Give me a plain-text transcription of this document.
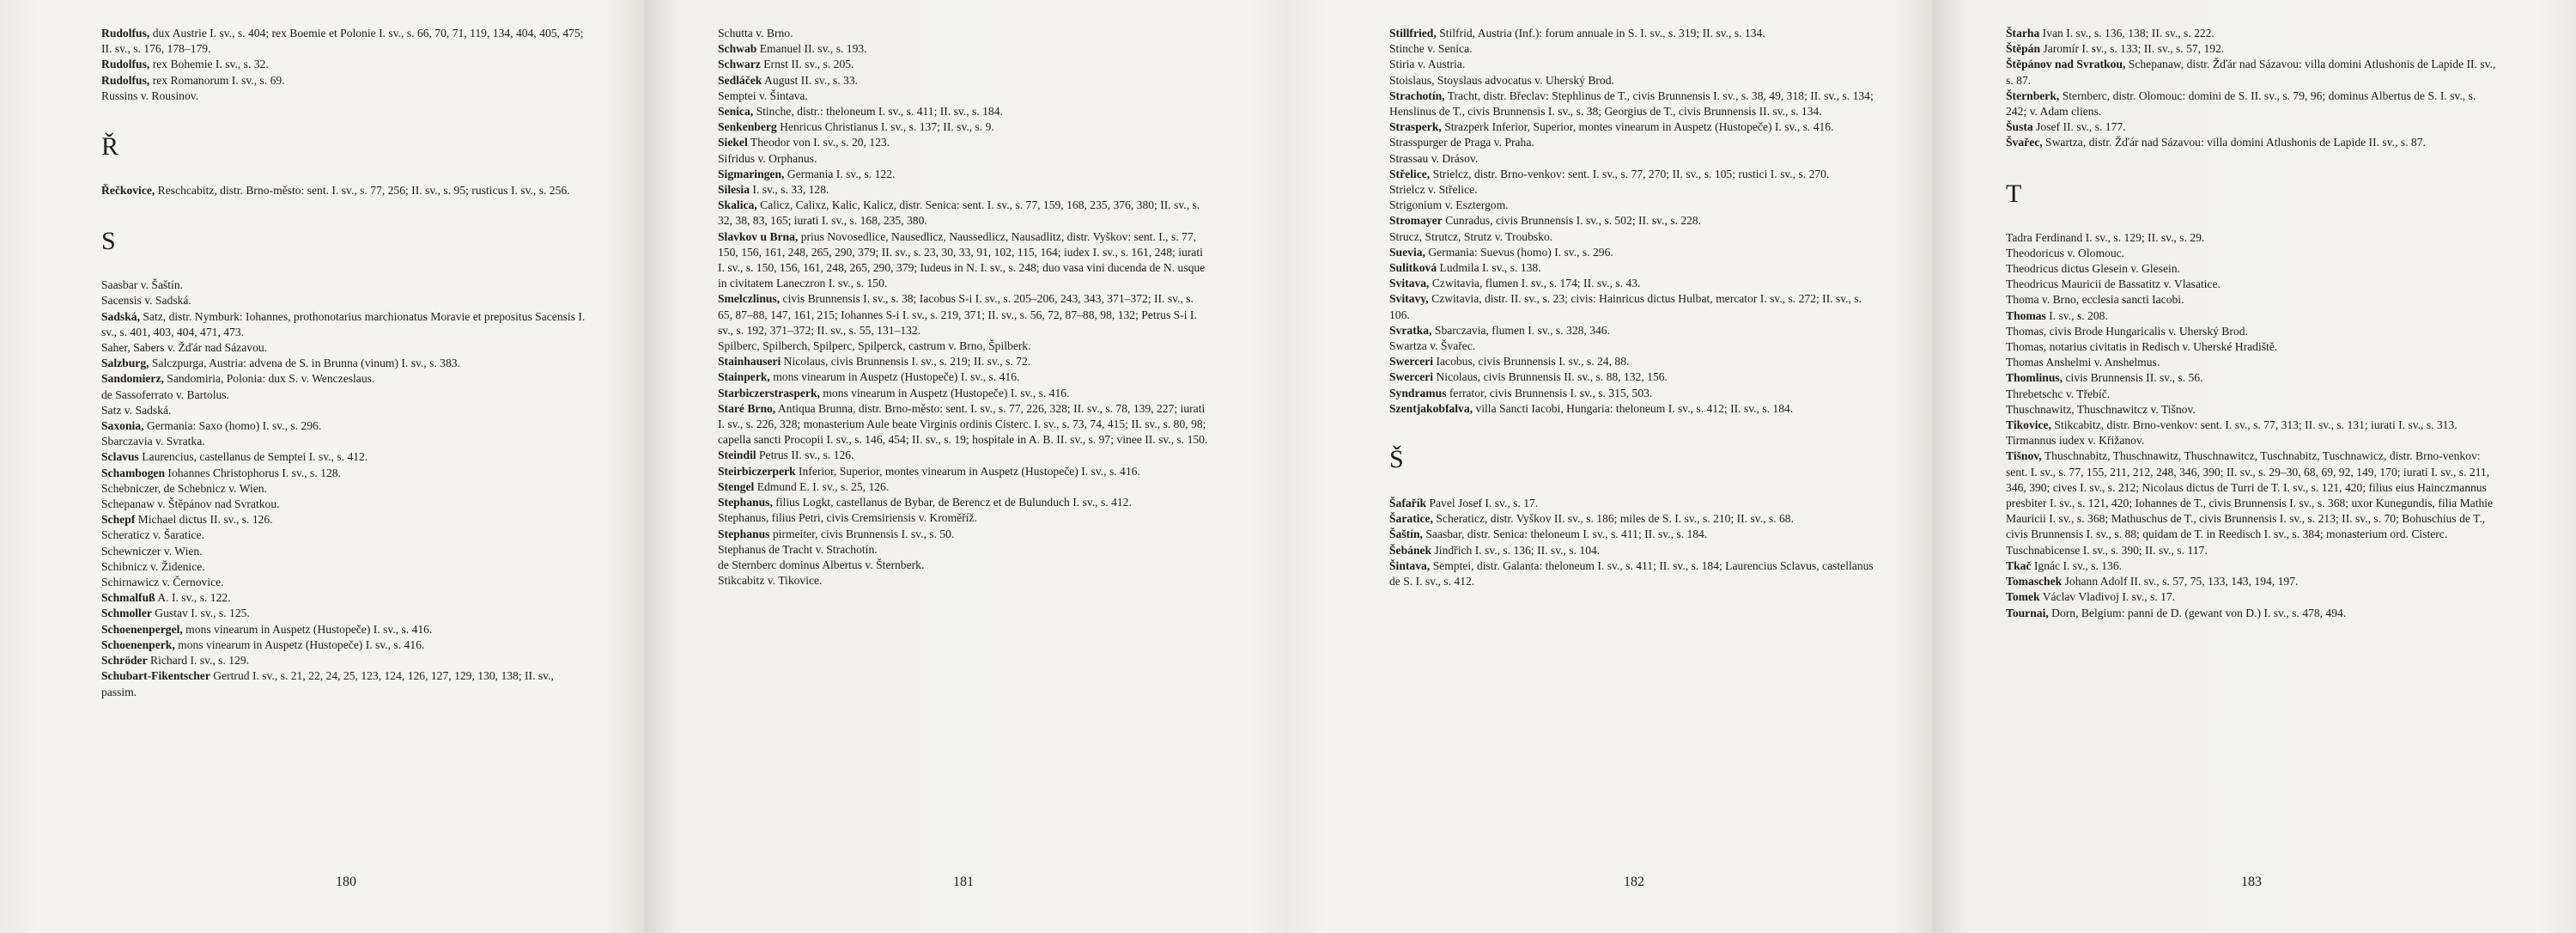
Rudolfus, dux Austrie I. sv., s. 404; rex Boemie et Polonie I. sv., s. 66, 70, 71, 119, 134, 404, 405, 475; II. sv., s. 176, 178–179.

Rudolfus, rex Bohemie I. sv., s. 32.

Rudolfus, rex Romanorum I. sv., s. 69.

Russins v. Rousinov.

Ř

Řečkovice, Reschcabitz, distr. Brno-město: sent. I. sv., s. 77, 256; II. sv., s. 95; rusticus I. sv., s. 256.

S

Saasbar v. Šaštín.

Sacensis v. Sadská.

Sadská, Satz, distr. Nymburk: Iohannes, prothonotarius marchionatus Moravie et prepositus Sacensis I. sv., s. 401, 403, 404, 471, 473.

Saher, Sabers v. Žďár nad Sázavou.

Salzburg, Salczpurga, Austria: advena de S. in Brunna (vinum) I. sv., s. 383.

Sandomierz, Sandomiria, Polonia: dux S. v. Wenczeslaus.

de Sassoferrato v. Bartolus.

Satz v. Sadská.

Saxonia, Germania: Saxo (homo) I. sv., s. 296.

Sbarczavia v. Svratka.

Sclavus Laurencius, castellanus de Semptei I. sv., s. 412.

Schambogen Iohannes Christophorus I. sv., s. 128.

Schebniczer, de Schebnicz v. Wien.

Schepanaw v. Štěpánov nad Svratkou.

Schepf Michael dictus II. sv., s. 126.

Scheraticz v. Šaratice.

Schewniczer v. Wien.

Schibnicz v. Židenice.

Schirnawicz v. Černovice.

Schmalfuß A. I. sv., s. 122.

Schmoller Gustav I. sv., s. 125.

Schoenenpergel, mons vinearum in Auspetz (Hustopeče) I. sv., s. 416.

Schoenenperk, mons vinearum in Auspetz (Hustopeče) I. sv., s. 416.

Schröder Richard I. sv., s. 129.

Schubart-Fikentscher Gertrud I. sv., s. 21, 22, 24, 25, 123, 124, 126, 127, 129, 130, 138; II. sv., passim.

180

Schutta v. Brno.

Schwab Emanuel II. sv., s. 193.

Schwarz Ernst II. sv., s. 205.

Sedláček August II. sv., s. 33.

Semptei v. Šintava.

Senica, Stinche, distr.: theloneum I. sv., s. 411; II. sv., s. 184.

Senkenberg Henricus Christianus I. sv., s. 137; II. sv., s. 9.

Siekel Theodor von I. sv., s. 20, 123.

Sifridus v. Orphanus.

Sigmaringen, Germania I. sv., s. 122.

Silesia I. sv., s. 33, 128.

Skalica, Calicz, Calixz, Kalic, Kalicz, distr. Senica: sent. I. sv., s. 77, 159, 168, 235, 376, 380; II. sv., s. 32, 38, 83, 165; iurati I. sv., s. 168, 235, 380.

Slavkov u Brna, prius Novosedlice, Nausedlicz, Naussedlicz, Nausadlitz, distr. Vyškov: sent. I., s. 77, 150, 156, 161, 248, 265, 290, 379; II. sv., s. 23, 30, 33, 91, 102, 115, 164; iudex I. sv., s. 161, 248; iurati I. sv., s. 150, 156, 161, 248, 265, 290, 379; Iudeus in N. I. sv., s. 248; duo vasa vini ducenda de N. usque in civitatem Laneczron I. sv., s. 150.

Smelczlinus, civis Brunnensis I. sv., s. 38; Iacobus S-i I. sv., s. 205–206, 243, 343, 371–372; II. sv., s. 65, 87–88, 147, 161, 215; Iohannes S-i I. sv., s. 219, 371; II. sv., s. 56, 72, 87–88, 98, 132; Petrus S-i I. sv., s. 192, 371–372; II. sv., s. 55, 131–132.

Spilberc, Spilberch, Spilperc, Spilperck, castrum v. Brno, Špilberk.

Stainhauseri Nicolaus, civis Brunnensis I. sv., s. 219; II. sv., s. 72.

Stainperk, mons vinearum in Auspetz (Hustopeče) I. sv., s. 416.

Starbiczerstrasperk, mons vinearum in Auspetz (Hustopeče) I. sv., s. 416.

Staré Brno, Antiqua Brunna, distr. Brno-město: sent. I. sv., s. 77, 226, 328; II. sv., s. 78, 139, 227; iurati I. sv., s. 226, 328; monasterium Aule beate Virginis ordinis Cisterc. I. sv., s. 73, 74, 415; II. sv., s. 80, 98; capella sancti Procopii I. sv., s. 146, 454; II. sv., s. 19; hospitale in A. B. II. sv., s. 97; vinee II. sv., s. 150.

Steindil Petrus II. sv., s. 126.

Steirbiczerperk Inferior, Superior, montes vinearum in Auspetz (Hustopeče) I. sv., s. 416.

Stengel Edmund E. I. sv., s. 25, 126.

Stephanus, filius Logkt, castellanus de Bybar, de Berencz et de Bulunduch I. sv., s. 412.

Stephanus, filius Petri, civis Cremsiriensis v. Kroměříž.

Stephanus pirmeiter, civis Brunnensis I. sv., s. 50.

Stephanus de Tracht v. Strachotín.

de Sternberc dominus Albertus v. Šternberk.

Stikcabitz v. Tikovice.

181

Stillfried, Stilfrid, Austria (Inf.): forum annuale in S. I. sv., s. 319; II. sv., s. 134.

Stinche v. Senica.

Stiria v. Austria.

Stoislaus, Stoyslaus advocatus v. Uherský Brod.

Strachotín, Tracht, distr. Břeclav: Stephlinus de T., civis Brunnensis I. sv., s. 38, 49, 318; II. sv., s. 134; Henslinus de T., civis Brunnensis I. sv., s. 38; Georgius de T., civis Brunnensis II. sv., s. 134.

Strasperk, Strazperk Inferior, Superior, montes vinearum in Auspetz (Hustopeče) I. sv., s. 416.

Strasspurger de Praga v. Praha.

Strassau v. Drásov.

Střelice, Strielcz, distr. Brno-venkov: sent. I. sv., s. 77, 270; II. sv., s. 105; rustici I. sv., s. 270.

Strielcz v. Střelice.

Strigonium v. Esztergom.

Stromayer Cunradus, civis Brunnensis I. sv., s. 502; II. sv., s. 228.

Strucz, Strutcz, Strutz v. Troubsko.

Suevia, Germania: Suevus (homo) I. sv., s. 296.

Sulitková Ludmila I. sv., s. 138.

Svitava, Czwitavia, flumen I. sv., s. 174; II. sv., s. 43.

Svitavy, Czwitavia, distr. II. sv., s. 23; civis: Hainricus dictus Hulbat, mercator I. sv., s. 272; II. sv., s. 106.

Svratka, Sbarczavia, flumen I. sv., s. 328, 346.

Swartza v. Švařec.

Swerceri Iacobus, civis Brunnensis I. sv., s. 24, 88.

Swerceri Nicolaus, civis Brunnensis II. sv., s. 88, 132, 156.

Syndramus ferrator, civis Brunnensis I. sv., s. 315, 503.

Szentjakobfalva, villa Sancti Iacobi, Hungaria: theloneum I. sv., s. 412; II. sv., s. 184.

Š

Šafařík Pavel Josef I. sv., s. 17.

Šaratice, Scheraticz, distr. Vyškov II. sv., s. 186; miles de S. I. sv., s. 210; II. sv., s. 68.

Šaštín, Saasbar, distr. Senica: theloneum I. sv., s. 411; II. sv., s. 184.

Šebánek Jindřich I. sv., s. 136; II. sv., s. 104.

Šintava, Semptei, distr. Galanta: theloneum I. sv., s. 411; II. sv., s. 184; Laurencius Sclavus, castellanus de S. I. sv., s. 412.

182

Štarha Ivan I. sv., s. 136, 138; II. sv., s. 222.

Štěpán Jaromír I. sv., s. 133; II. sv., s. 57, 192.

Štěpánov nad Svratkou, Schepanaw, distr. Žďár nad Sázavou: villa domini Atlushonis de Lapide II. sv., s. 87.

Šternberk, Sternberc, distr. Olomouc: domini de S. II. sv., s. 79, 96; dominus Albertus de S. I. sv., s. 242; v. Adam cliens.

Šusta Josef II. sv., s. 177.

Švařec, Swartza, distr. Žďár nad Sázavou: villa domini Atlushonis de Lapide II. sv., s. 87.

T

Tadra Ferdinand I. sv., s. 129; II. sv., s. 29.

Theodoricus v. Olomouc.

Theodricus dictus Glesein v. Glesein.

Theodricus Mauricii de Bassatitz v. Vlasatice.

Thoma v. Brno, ecclesia sancti Iacobi.

Thomas I. sv., s. 208.

Thomas, civis Brode Hungaricalis v. Uherský Brod.

Thomas, notarius civitatis in Redisch v. Uherské Hradiště.

Thomas Anshelmi v. Anshelmus.

Thomlinus, civis Brunnensis II. sv., s. 56.

Threbetschc v. Třebíč.

Thuschnawitz, Thuschnawitcz v. Tišnov.

Tikovice, Stikcabitz, distr. Brno-venkov: sent. I. sv., s. 77, 313; II. sv., s. 131; iurati I. sv., s. 313.

Tirmannus iudex v. Křižanov.

Tišnov, Thuschnabitz, Thuschnawitz, Thuschnawitcz, Tuschnabitz, Tuschnawicz, distr. Brno-venkov: sent. I. sv., s. 77, 155, 211, 212, 248, 346, 390; II. sv., s. 29–30, 68, 69, 92, 149, 170; iurati I. sv., s. 211, 346, 390; cives I. sv., s. 212; Nicolaus dictus de Turri de T. I. sv., s. 121, 420; filius eius Hainczmannus presbiter I. sv., s. 121, 420; Iohannes de T., civis Brunnensis I. sv., s. 368; uxor Kunegundis, filia Mathie Mauricii I. sv., s. 368; Mathuschus de T., civis Brunnensis I. sv., s. 213; II. sv., s. 70; Bohuschius de T., civis Brunnensis I. sv., s. 88; quidam de T. in Reedisch I. sv., s. 384; monasterium ord. Cisterc. Tuschnabicense I. sv., s. 390; II. sv., s. 117.

Tkač Ignác I. sv., s. 136.

Tomaschek Johann Adolf II. sv., s. 57, 75, 133, 143, 194, 197.

Tomek Václav Vladivoj I. sv., s. 17.

Tournai, Dorn, Belgium: panni de D. (gewant von D.) I. sv., s. 478, 494.

183
